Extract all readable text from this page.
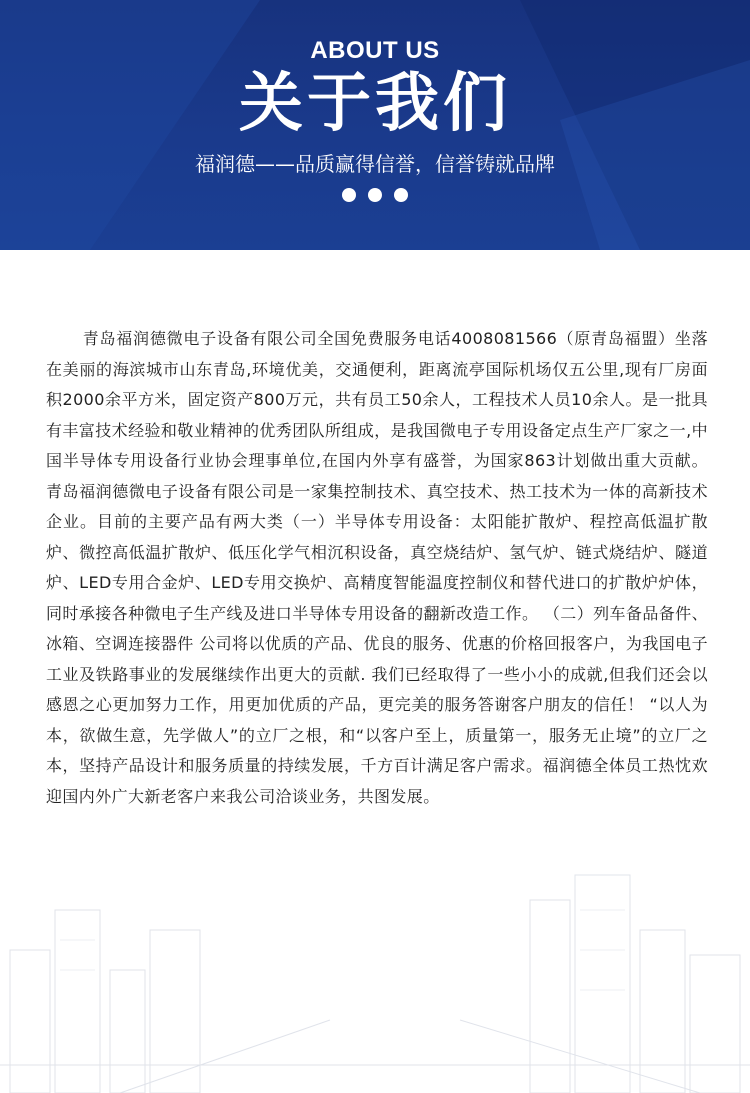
ABOUT US
关于我们
福润德——品质赢得信誉，信誉铸就品牌

青岛福润德微电子设备有限公司全国免费服务电话4008081566（原青岛福盟）坐落在美丽的海滨城市山东青岛,环境优美，交通便利，距离流亭国际机场仅五公里,现有厂房面积2000余平方米，固定资产800万元，共有员工50余人，工程技术人员10余人。是一批具有丰富技术经验和敬业精神的优秀团队所组成，是我国微电子专用设备定点生产厂家之一,中国半导体专用设备行业协会理事单位,在国内外享有盛誉，为国家863计划做出重大贡献。 青岛福润德微电子设备有限公司是一家集控制技术、真空技术、热工技术为一体的高新技术企业。目前的主要产品有两大类（一）半导体专用设备：太阳能扩散炉、程控高低温扩散炉、微控高低温扩散炉、低压化学气相沉积设备，真空烧结炉、氢气炉、链式烧结炉、隧道炉、LED专用合金炉、LED专用交换炉、高精度智能温度控制仪和替代进口的扩散炉炉体， 同时承接各种微电子生产线及进口半导体专用设备的翻新改造工作。 （二）列车备品备件、冰箱、空调连接器件 公司将以优质的产品、优良的服务、优惠的价格回报客户，为我国电子工业及铁路事业的发展继续作出更大的贡献. 我们已经取得了一些小小的成就,但我们还会以感恩之心更加努力工作，用更加优质的产品，更完美的服务答谢客户朋友的信任！ “以人为本，欲做生意，先学做人”的立厂之根，和“以客户至上，质量第一，服务无止境”的立厂之本，坚持产品设计和服务质量的持续发展，千方百计满足客户需求。福润德全体员工热忱欢迎国内外广大新老客户来我公司洽谈业务，共图发展。
